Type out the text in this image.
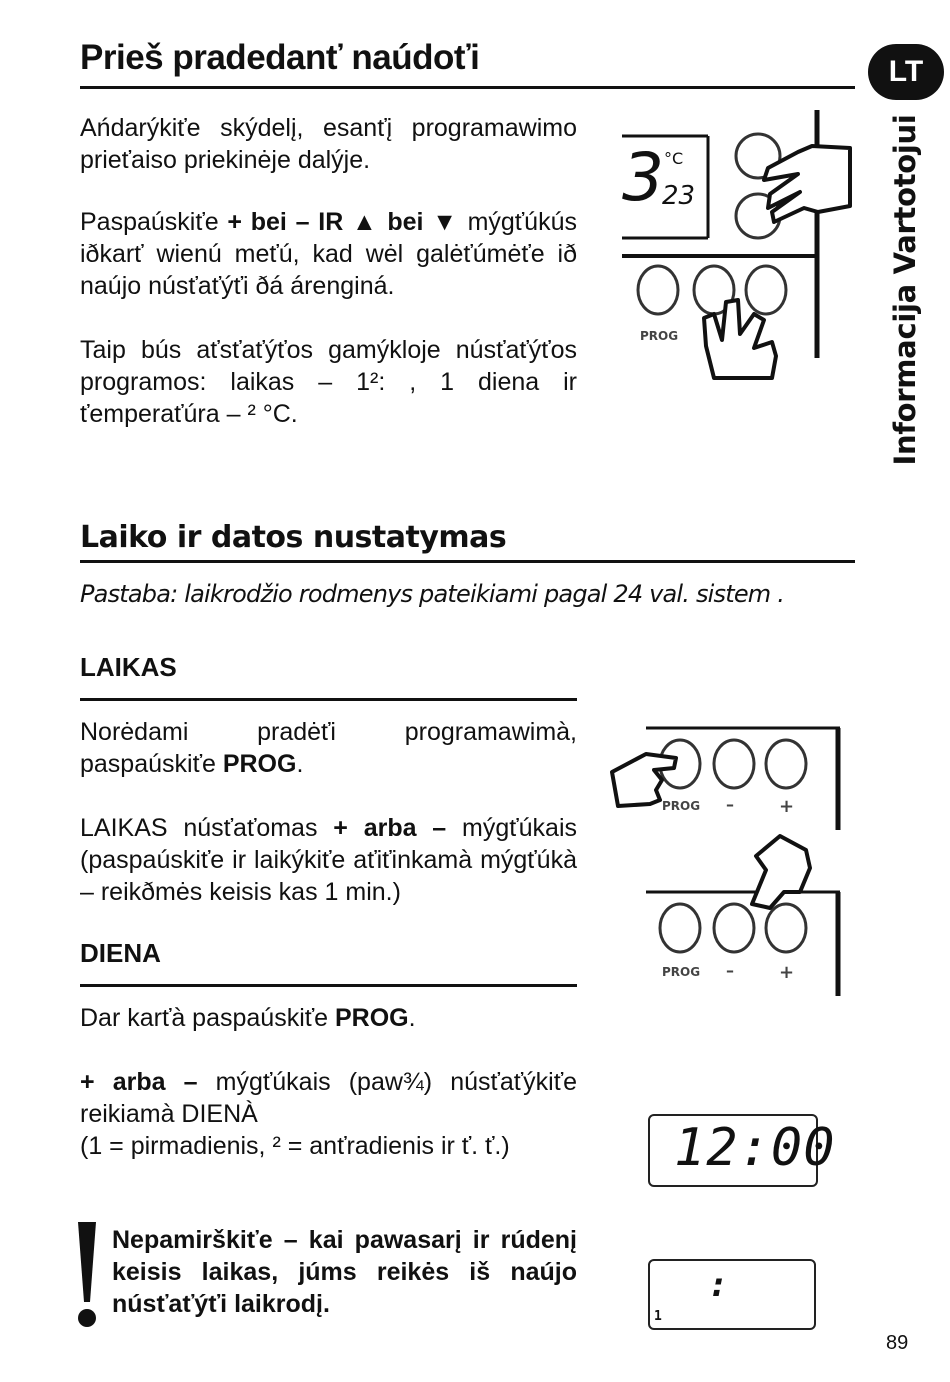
Prieš pradedanť naúdoťi	LT
Informacija Vartotojui

Ańdarýkiťe skýdelį, esanťį programawimo prieťaiso priekinėje dalýje.

Paspaúskiťe + bei – IR ▲ bei ▼ mýgťúkús iðkarť wienú meťú, kad wėl galėťúmėťe ið naújo núsťaťýťi ðá árenginá.

Taip bús aťsťaťýťos gamýkloje núsťaťýťos programos: laikas – 1²: , 1 diena ir ťemperaťúra – ² °C.

3 °C
23
PROG
Laiko ir datos nustatymas
Pastaba: laikrodžio rodmenys pateikiami pagal 24 val. sistem .
LAIKAS

Norėdami pradėťi programawimà, paspaúskiťe PROG.

LAIKAS núsťaťomas + arba – mýgťúkais (paspaúskiťe ir laikýkiťe aťiťinkamà mýgťúkà – reikðmės keisis kas 1 min.)

PROG –	+
PROG –	+
DIENA

Dar karťà paspaúskiťe PROG.

+ arba – mýgťúkais (paw¾) núsťaťýkiťe reikiamà DIENÀ

(1 = pirmadienis, ² = anťradienis ir ť. ť.)	12:00
:
1

Nepamirškiťe – kai pawasarį ir rúdenį keisis laikas, júms reikės iš naújo núsťaťýťi laikrodį.

89
